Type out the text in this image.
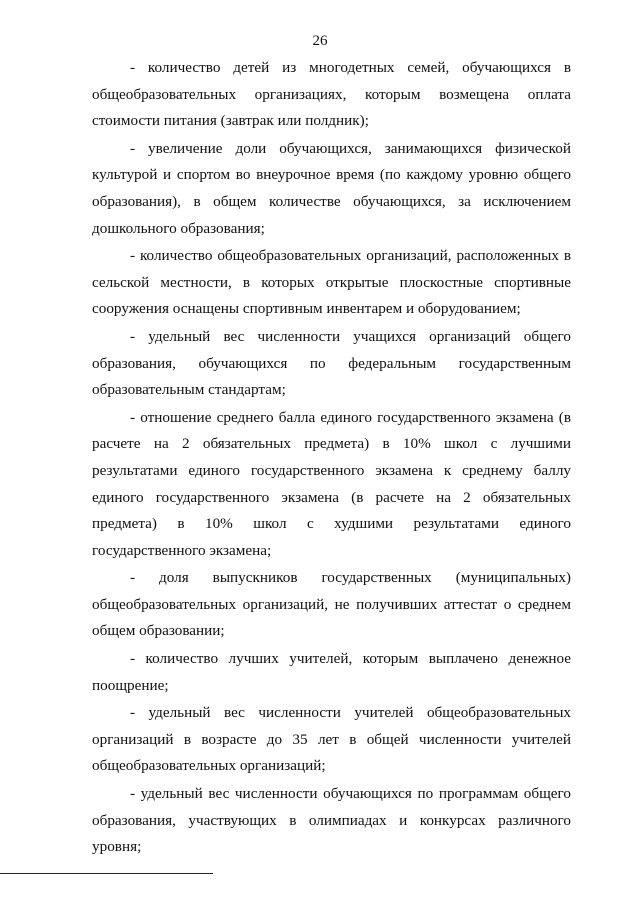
26

- количество детей из многодетных семей, обучающихся в общеобразовательных организациях, которым возмещена оплата стоимости питания (завтрак или полдник);

- увеличение доли обучающихся, занимающихся физической культурой и спортом во внеурочное время (по каждому уровню общего образования), в общем количестве обучающихся, за исключением дошкольного образования;

- количество общеобразовательных организаций, расположенных в сельской местности, в которых открытые плоскостные спортивные сооружения оснащены спортивным инвентарем и оборудованием;

- удельный вес численности учащихся организаций общего образования, обучающихся по федеральным государственным образовательным стандартам;

- отношение среднего балла единого государственного экзамена (в расчете на 2 обязательных предмета) в 10% школ с лучшими результатами единого государственного экзамена к среднему баллу единого государственного экзамена (в расчете на 2 обязательных предмета) в 10% школ с худшими результатами единого государственного экзамена;

- доля выпускников государственных (муниципальных) общеобразовательных организаций, не получивших аттестат о среднем общем образовании;

- количество лучших учителей, которым выплачено денежное поощрение;

- удельный вес численности учителей общеобразовательных организаций в возрасте до 35 лет в общей численности учителей общеобразовательных организаций;

- удельный вес численности обучающихся по программам общего образования, участвующих в олимпиадах и конкурсах различного уровня;
